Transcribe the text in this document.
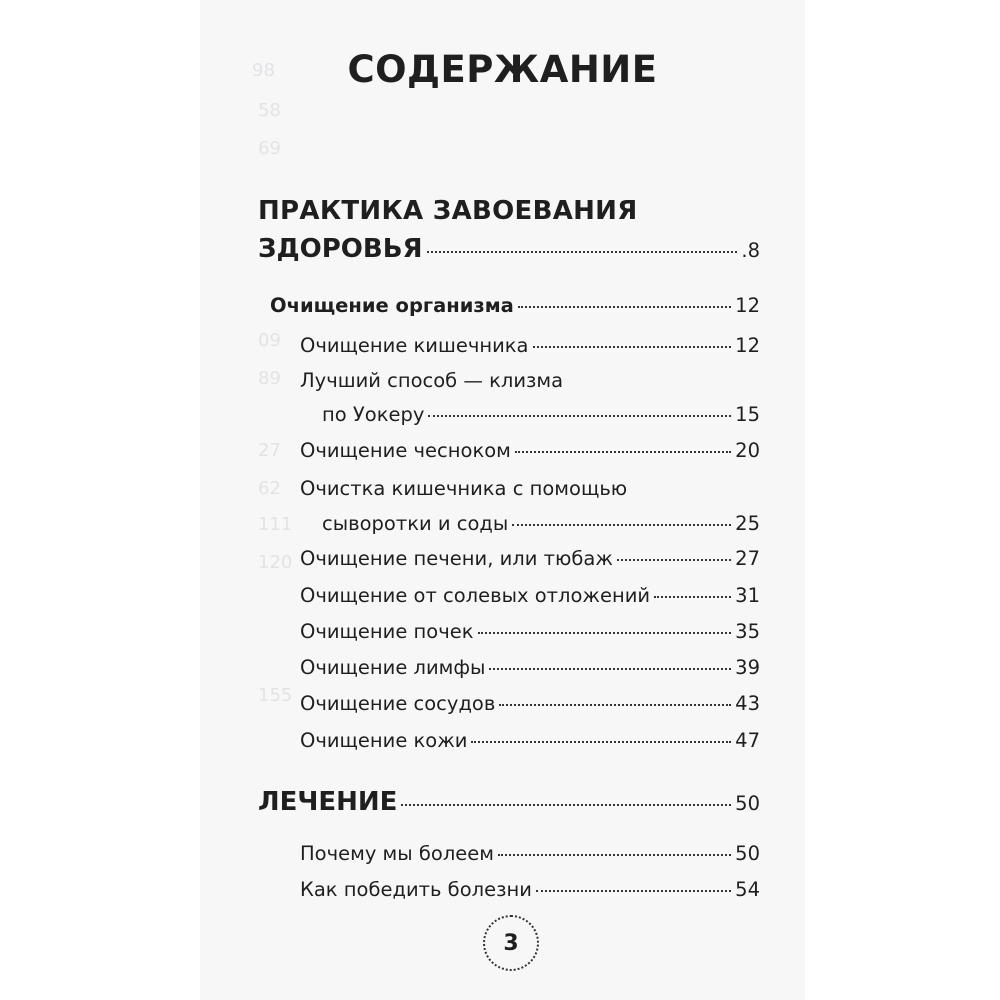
98
58
69
09
89
27
62
111
120
155
СОДЕРЖАНИЕ
ПРАКТИКА ЗАВОЕВАНИЯ
ЗДОРОВЬЯ	.8
Очищение организма	12
Очищение кишечника	12
Лучший способ — клизма
по Уокеру	15
Очищение чесноком	20
Очистка кишечника с помощью
сыворотки и соды	25
Очищение печени, или тюбаж	27
Очищение от солевых отложений	31
Очищение почек	35
Очищение лимфы	39
Очищение сосудов	43
Очищение кожи	47
ЛЕЧЕНИЕ	50
Почему мы болеем	50
Как победить болезни	54
3
